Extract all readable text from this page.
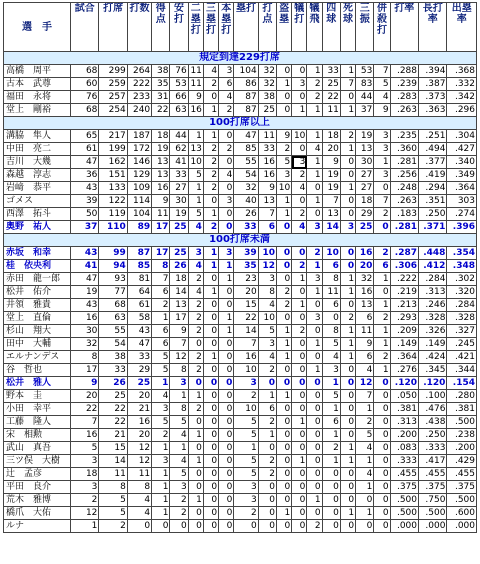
選　手	試合	打席	打数	得点	安打	二塁打	三塁打	本塁打	塁打	打点	盗塁	犠打	犠飛	四球	死球	三振	併殺打	打率	長打率	出塁率
規定到達229打席																				
高橋　周平	68	299	264	38	76	11	4	3	104	32	0	0	1	33	1	53	7	.288	.394	.368
古本　武尊	60	259	222	35	53	11	2	6	86	32	1	3	2	25	7	83	5	.239	.387	.332
福田　永将	76	257	233	31	66	9	0	4	87	38	0	0	2	22	0	44	4	.283	.373	.342
堂上　剛裕	68	254	240	22	63	16	1	2	87	25	0	1	1	11	1	37	9	.263	.363	.296
100打席以上																				
溝脇　隼人	65	217	187	18	44	1	1	0	47	11	9	10	1	18	2	19	3	.235	.251	.304
中田　亮二	61	199	172	19	62	13	2	2	85	33	2	0	4	20	1	13	3	.360	.494	.427
吉川　大幾	47	162	146	13	41	10	2	0	55	16	5	3	1	9	0	30	1	.281	.377	.340
森越　淳志	36	151	129	13	33	5	2	4	54	16	3	2	1	19	0	27	3	.256	.419	.349
岩﨑　恭平	43	133	109	16	27	1	2	0	32	9	10	4	0	19	1	27	0	.248	.294	.364
ゴメス	39	122	114	9	30	1	0	3	40	13	1	0	1	7	0	18	7	.263	.351	303
西澤　拓斗	50	119	104	11	19	5	1	0	26	7	1	2	0	13	0	29	2	.183	.250	.274
奥野　祐人	37	110	89	17	25	4	2	0	33	6	0	4	3	14	3	25	0	.281	.371	.396
100打席未満																				
赤坂　和幸	43	99	87	17	25	3	1	3	39	10	0	0	2	10	0	16	2	.287	.448	.354
桂　依央利	41	94	85	8	26	4	1	1	35	12	0	2	1	6	0	20	6	.306	.412	.348
赤田　龍一郎	47	93	81	7	18	2	0	1	23	3	0	1	3	8	1	32	1	.222	.284	.302
松井　佑介	19	77	64	6	14	4	1	0	20	8	2	0	1	11	1	16	0	.219	.313	.320
井領　雅貴	43	68	61	2	13	2	0	0	15	4	2	1	0	6	0	13	1	.213	.246	.284
堂上　直倫	16	63	58	1	17	2	0	1	22	10	0	0	3	0	2	6	2	.293	.328	.328
杉山　翔大	30	55	43	6	9	2	0	1	14	5	1	2	0	8	1	11	1	.209	.326	.327
田中　大輔	32	54	47	6	7	0	0	0	7	3	1	0	1	5	1	9	1	.149	.149	.245
エルナンデス	8	38	33	5	12	2	1	0	16	4	1	0	0	4	1	6	2	.364	.424	.421
谷　哲也	17	33	29	5	8	2	0	0	10	2	0	0	1	3	0	4	1	.276	.345	.344
松井　雅人	9	26	25	1	3	0	0	0	3	0	0	0	0	1	0	12	0	.120	.120	.154
野本　圭	20	25	20	4	1	1	0	0	2	1	1	0	0	5	0	7	0	.050	.100	.280
小田　幸平	22	22	21	3	8	2	0	0	10	6	0	0	0	1	0	1	0	.381	.476	.381
工藤　隆人	7	22	16	5	5	0	0	0	5	2	0	1	0	6	0	2	0	.313	.438	.500
宋　相勲	16	21	20	2	4	1	0	0	5	1	0	0	0	1	0	5	0	.200	.250	.238
武山　真吾	5	15	12	1	1	0	0	0	1	0	0	0	0	2	1	4	0	.083	.333	.200
三ツ俣　大樹	3	14	12	3	4	1	0	0	5	2	0	1	0	1	1	1	0	.333	.417	.429
辻　孟彦	18	11	11	1	5	0	0	0	5	2	0	0	0	0	0	4	0	.455	.455	.455
平田　良介	3	8	8	1	3	0	0	0	3	0	0	0	0	0	0	1	0	.375	.375	.375
荒木　雅博	2	5	4	1	2	1	0	0	3	0	0	0	1	0	0	0	0	.500	.750	.500
橋爪　大佑	12	5	4	1	2	0	0	0	2	0	1	0	0	0	1	1	0	.500	.500	.600
ルナ	1	2	0	0	0	0	0	0	0	0	0	0	2	0	0	0	0	.000	.000	.000
